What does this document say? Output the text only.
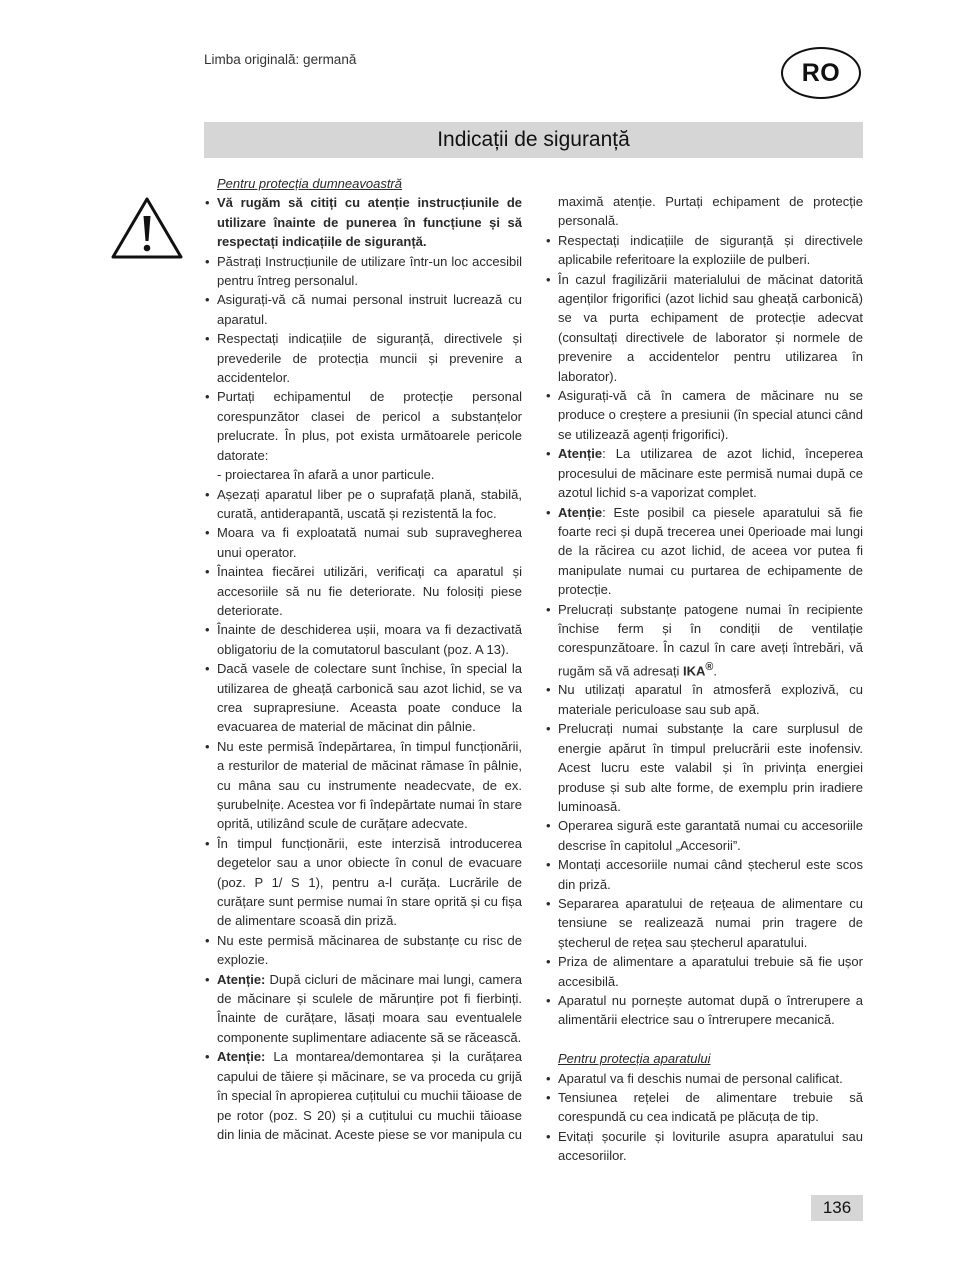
Limba originală: germană	RO
Indicații de siguranță
Pentru protecția dumneavoastră
• Vă rugăm să citiți cu atenție instrucțiunile de utilizare înainte de punerea în funcțiune și să respectați indicațiile de siguranță.
• Păstrați Instrucțiunile de utilizare într-un loc accesibil pentru întreg personalul.
• Asigurați-vă că numai personal instruit lucrează cu aparatul.
• Respectați indicațiile de siguranță, directivele și prevederile de protecția muncii și prevenire a accidentelor.
• Purtați echipamentul de protecție personal corespunzător clasei de pericol a substanțelor prelucrate. În plus, pot exista următoarele pericole datorate:
- proiectarea în afară a unor particule.
• Așezați aparatul liber pe o suprafață plană, stabilă, curată, antiderapantă, uscată și rezistentă la foc.
• Moara va fi exploatată numai sub supravegherea unui operator.
• Înaintea fiecărei utilizări, verificați ca aparatul și accesoriile să nu fie deteriorate. Nu folosiți piese deteriorate.
• Înainte de deschiderea ușii, moara va fi dezactivată obligatoriu de la comutatorul basculant (poz. A 13).
• Dacă vasele de colectare sunt închise, în special la utilizarea de gheață carbonică sau azot lichid, se va crea suprapresiune. Aceasta poate conduce la evacuarea de material de măcinat din pâlnie.
• Nu este permisă îndepărtarea, în timpul funcționării, a resturilor de material de măcinat rămase în pâlnie, cu mâna sau cu instrumente neadecvate, de ex. șurubelnițe. Acestea vor fi îndepărtate numai în stare oprită, utilizând scule de curățare adecvate.
• În timpul funcționării, este interzisă introducerea degetelor sau a unor obiecte în conul de evacuare (poz. P 1/ S 1), pentru a-l curăța. Lucrările de curățare sunt permise numai în stare oprită și cu fișa de alimentare scoasă din priză.
• Nu este permisă măcinarea de substanțe cu risc de explozie.
• Atenție: După cicluri de măcinare mai lungi, camera de măcinare și sculele de mărunțire pot fi fierbinți. Înainte de curățare, lăsați moara sau eventualele componente suplimentare adiacente să se răcească.
• Atenție: La montarea/demontarea și la curățarea capului de tăiere și măcinare, se va proceda cu grijă în special în apropierea cuțitului cu muchii tăioase de pe rotor (poz. S 20) și a cuțitului cu muchii tăioase din linia de măcinat. Aceste piese se vor manipula cu
maximă atenție. Purtați echipament de protecție personală.
• Respectați indicațiile de siguranță și directivele aplicabile referitoare la exploziile de pulberi.
• În cazul fragilizării materialului de măcinat datorită agenților frigorifici (azot lichid sau gheață carbonică) se va purta echipament de protecție adecvat (consultați directivele de laborator și normele de prevenire a accidentelor pentru utilizarea în laborator).
• Asigurați-vă că în camera de măcinare nu se produce o creștere a presiunii (în special atunci când se utilizează agenți frigorifici).
• Atenție: La utilizarea de azot lichid, începerea procesului de măcinare este permisă numai după ce azotul lichid s-a vaporizat complet.
• Atenție: Este posibil ca piesele aparatului să fie foarte reci și după trecerea unei 0perioade mai lungi de la răcirea cu azot lichid, de aceea vor putea fi manipulate numai cu purtarea de echipamente de protecție.
• Prelucrați substanțe patogene numai în recipiente închise ferm și în condiții de ventilație corespunzătoare. În cazul în care aveți întrebări, vă rugăm să vă adresați IKA®.
• Nu utilizați aparatul în atmosferă explozivă, cu materiale periculoase sau sub apă.
• Prelucrați numai substanțe la care surplusul de energie apărut în timpul prelucrării este inofensiv. Acest lucru este valabil și în privința energiei produse și sub alte forme, de exemplu prin iradiere luminoasă.
• Operarea sigură este garantată numai cu accesoriile descrise în capitolul „Accesorii”.
• Montați accesoriile numai când ștecherul este scos din priză.
• Separarea aparatului de rețeaua de alimentare cu tensiune se realizează numai prin tragere de ștecherul de rețea sau ștecherul aparatului.
• Priza de alimentare a aparatului trebuie să fie ușor accesibilă.
• Aparatul nu pornește automat după o întrerupere a alimentării electrice sau o întrerupere mecanică.
Pentru protecția aparatului
• Aparatul va fi deschis numai de personal calificat.
• Tensiunea rețelei de alimentare trebuie să corespundă cu cea indicată pe plăcuța de tip.
• Evitați șocurile și loviturile asupra aparatului sau accesoriilor.
136
